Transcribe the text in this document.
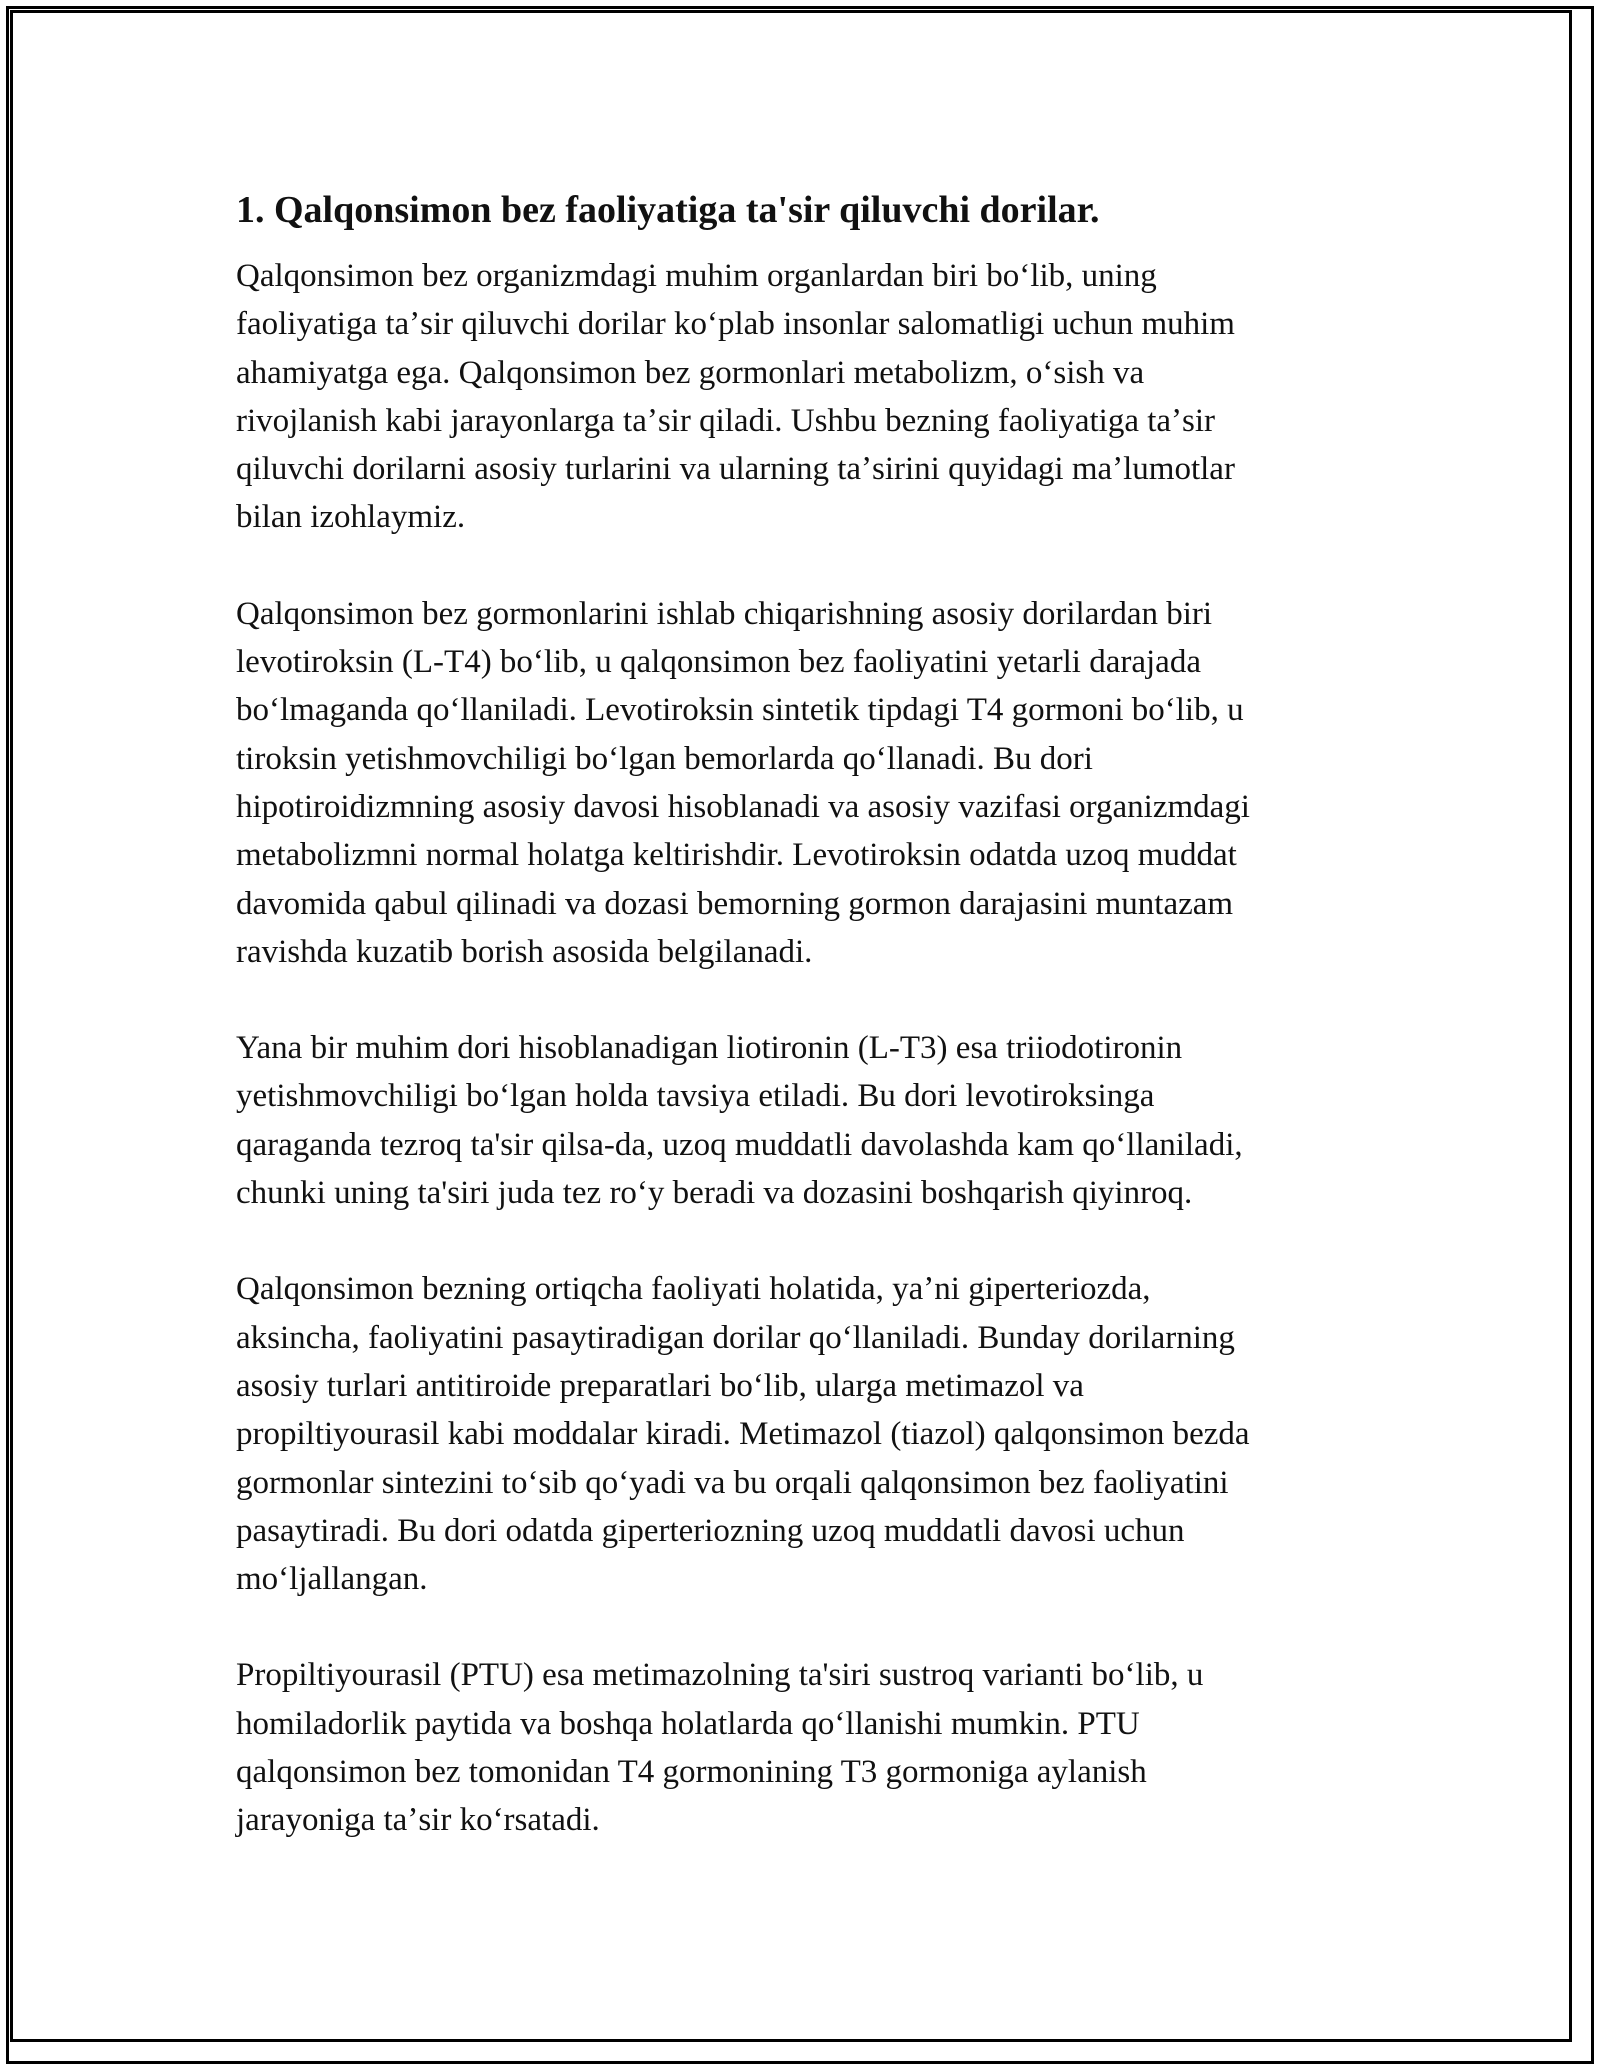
1. Qalqonsimon bez faoliyatiga ta'sir qiluvchi dorilar.

Qalqonsimon bez organizmdagi muhim organlardan biri boʻlib, uning
faoliyatiga taʼsir qiluvchi dorilar koʻplab insonlar salomatligi uchun muhim
ahamiyatga ega. Qalqonsimon bez gormonlari metabolizm, oʻsish va
rivojlanish kabi jarayonlarga taʼsir qiladi. Ushbu bezning faoliyatiga taʼsir
qiluvchi dorilarni asosiy turlarini va ularning taʼsirini quyidagi maʼlumotlar
bilan izohlaymiz.

Qalqonsimon bez gormonlarini ishlab chiqarishning asosiy dorilardan biri
levotiroksin (L-T4) boʻlib, u qalqonsimon bez faoliyatini yetarli darajada
boʻlmaganda qoʻllaniladi. Levotiroksin sintetik tipdagi T4 gormoni boʻlib, u
tiroksin yetishmovchiligi boʻlgan bemorlarda qoʻllanadi. Bu dori
hipotiroidizmning asosiy davosi hisoblanadi va asosiy vazifasi organizmdagi
metabolizmni normal holatga keltirishdir. Levotiroksin odatda uzoq muddat
davomida qabul qilinadi va dozasi bemorning gormon darajasini muntazam
ravishda kuzatib borish asosida belgilanadi.

Yana bir muhim dori hisoblanadigan liotironin (L-T3) esa triiodotironin
yetishmovchiligi boʻlgan holda tavsiya etiladi. Bu dori levotiroksinga
qaraganda tezroq ta'sir qilsa-da, uzoq muddatli davolashda kam qoʻllaniladi,
chunki uning ta'siri juda tez roʻy beradi va dozasini boshqarish qiyinroq.

Qalqonsimon bezning ortiqcha faoliyati holatida, yaʼni giperteriozda,
aksincha, faoliyatini pasaytiradigan dorilar qoʻllaniladi. Bunday dorilarning
asosiy turlari antitiroide preparatlari boʻlib, ularga metimazol va
propiltiyourasil kabi moddalar kiradi. Metimazol (tiazol) qalqonsimon bezda
gormonlar sintezini toʻsib qoʻyadi va bu orqali qalqonsimon bez faoliyatini
pasaytiradi. Bu dori odatda giperteriozning uzoq muddatli davosi uchun
moʻljallangan.

Propiltiyourasil (PTU) esa metimazolning ta'siri sustroq varianti boʻlib, u
homiladorlik paytida va boshqa holatlarda qoʻllanishi mumkin. PTU
qalqonsimon bez tomonidan T4 gormonining T3 gormoniga aylanish
jarayoniga taʼsir koʻrsatadi.
